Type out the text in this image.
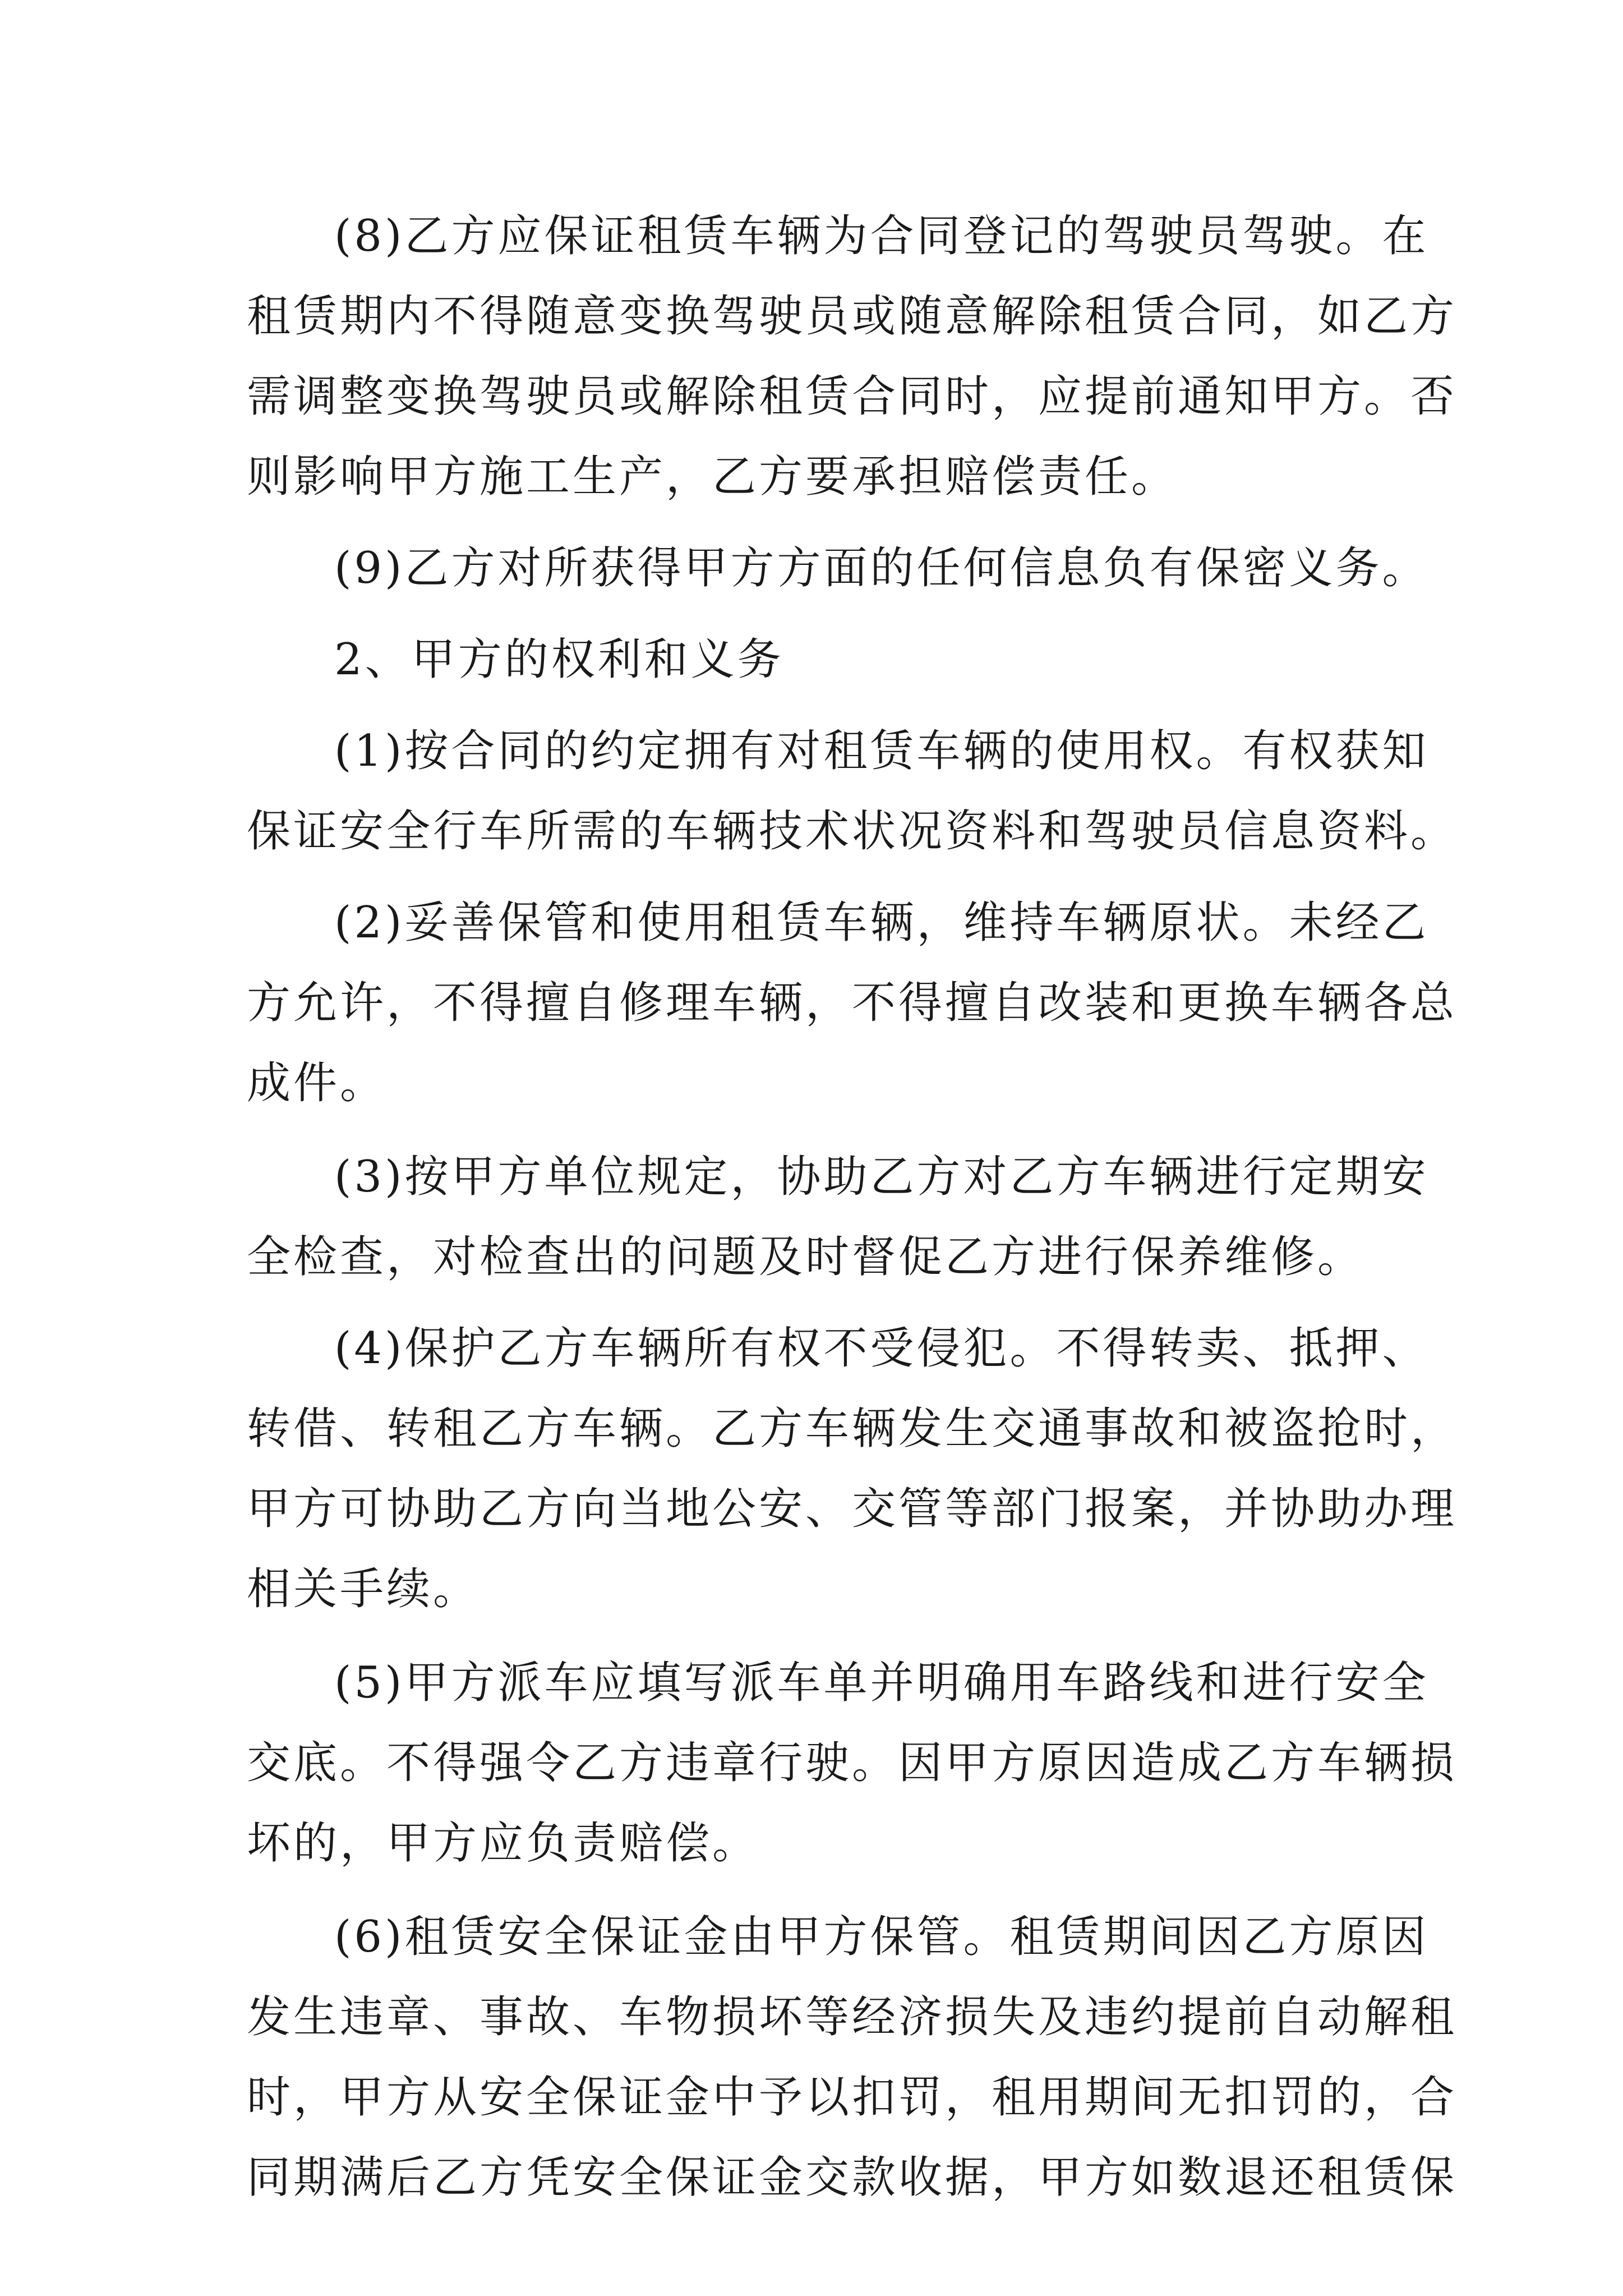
(8)乙方应保证租赁车辆为合同登记的驾驶员驾驶。在
租赁期内不得随意变换驾驶员或随意解除租赁合同，如乙方
需调整变换驾驶员或解除租赁合同时，应提前通知甲方。否
则影响甲方施工生产，乙方要承担赔偿责任。

(9)乙方对所获得甲方方面的任何信息负有保密义务。

2、甲方的权利和义务

(1)按合同的约定拥有对租赁车辆的使用权。有权获知
保证安全行车所需的车辆技术状况资料和驾驶员信息资料。

(2)妥善保管和使用租赁车辆，维持车辆原状。未经乙
方允许，不得擅自修理车辆，不得擅自改装和更换车辆各总
成件。

(3)按甲方单位规定，协助乙方对乙方车辆进行定期安
全检查，对检查出的问题及时督促乙方进行保养维修。

(4)保护乙方车辆所有权不受侵犯。不得转卖、抵押、
转借、转租乙方车辆。乙方车辆发生交通事故和被盗抢时，
甲方可协助乙方向当地公安、交管等部门报案，并协助办理
相关手续。

(5)甲方派车应填写派车单并明确用车路线和进行安全
交底。不得强令乙方违章行驶。因甲方原因造成乙方车辆损
坏的，甲方应负责赔偿。

(6)租赁安全保证金由甲方保管。租赁期间因乙方原因
发生违章、事故、车物损坏等经济损失及违约提前自动解租
时，甲方从安全保证金中予以扣罚，租用期间无扣罚的，合
同期满后乙方凭安全保证金交款收据，甲方如数退还租赁保
